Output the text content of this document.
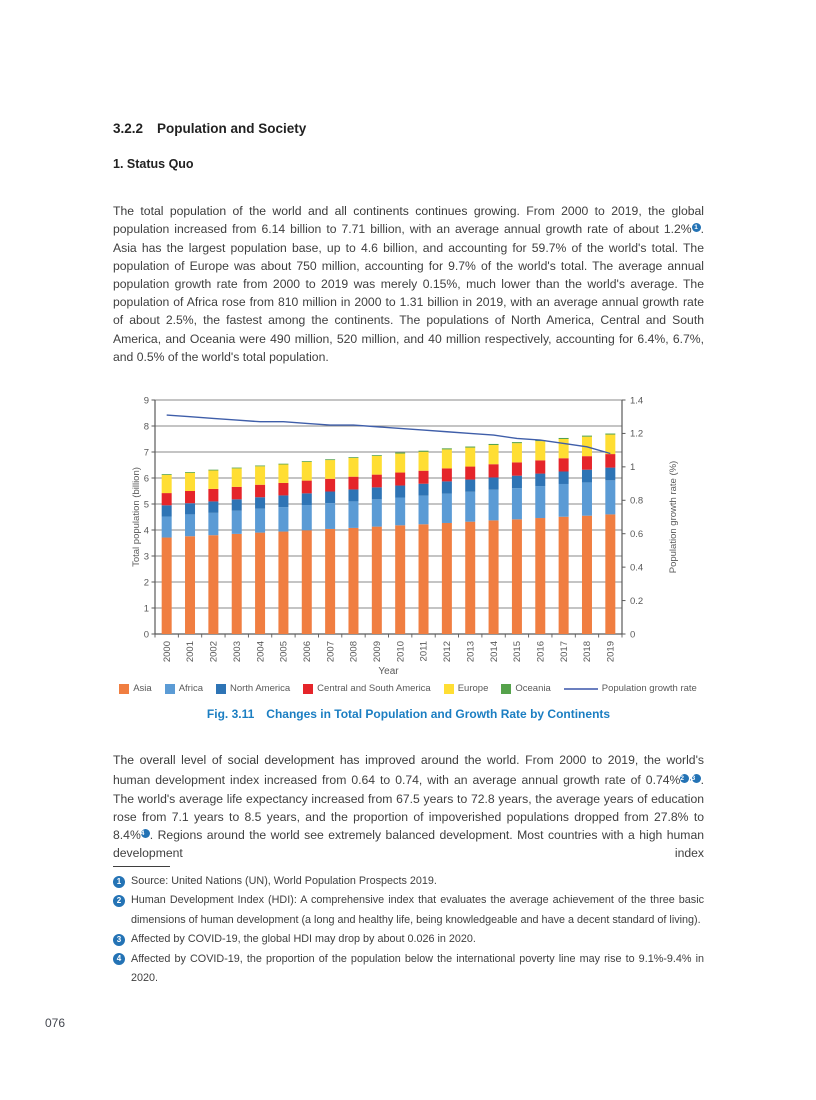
3.2.2 Population and Society
1. Status Quo

The total population of the world and all continents continues growing. From 2000 to 2019, the global population increased from 6.14 billion to 7.71 billion, with an average annual growth rate of about 1.2% 1 . Asia has the largest population base, up to 4.6 billion, and accounting for 59.7% of the world's total. The population of Europe was about 750 million, accounting for 9.7% of the world's total. The average annual population growth rate from 2000 to 2019 was merely 0.15%, much lower than the world's average. The population of Africa rose from 810 million in 2000 to 1.31 billion in 2019, with an average annual growth rate of about 2.5%, the fastest among the continents. The populations of North America, Central and South America, and Oceania were 490 million, 520 million, and 40 million respectively, accounting for 6.4%, 6.7%, and 0.5% of the world's total population.

0
1
2
3
4
5
6
7
8
9
0
0.2
0.4
0.6
0.8
1
1.2
1.4
2000 2001 2002 2003 2004 2005 2006 2007 2008 2009 2010 2011 2012 2013 2014 2015 2016 2017 2018 2019
Year
Total population (billion)	Population growth rate (%)
Asia	Africa	North America	Central and South America	Europe	Oceania	Population growth rate
Fig. 3.11 Changes in Total Population and Growth Rate by Continents

The overall level of social development has improved around the world. From 2000 to 2019, the world's human development index increased from 0.64 to 0.74, with an average annual growth rate of 0.74%2 ,3 . The world's average life expectancy increased from 67.5 years to 72.8 years, the average years of education rose from 7.1 years to 8.5 years, and the proportion of impoverished populations dropped from 27.8% to 8.4%4 . Regions around the world see extremely balanced development. Most countries with a high human development index

1 Source: United Nations (UN), World Population Prospects 2019.
2 Human Development Index (HDI): A comprehensive index that evaluates the average achievement of the three basic dimensions of human development (a long and healthy life, being knowledgeable and have a decent standard of living).
3 Affected by COVID-19, the global HDI may drop by about 0.026 in 2020.
4 Affected by COVID-19, the proportion of the population below the international poverty line may rise to 9.1%-9.4% in 2020.
076
